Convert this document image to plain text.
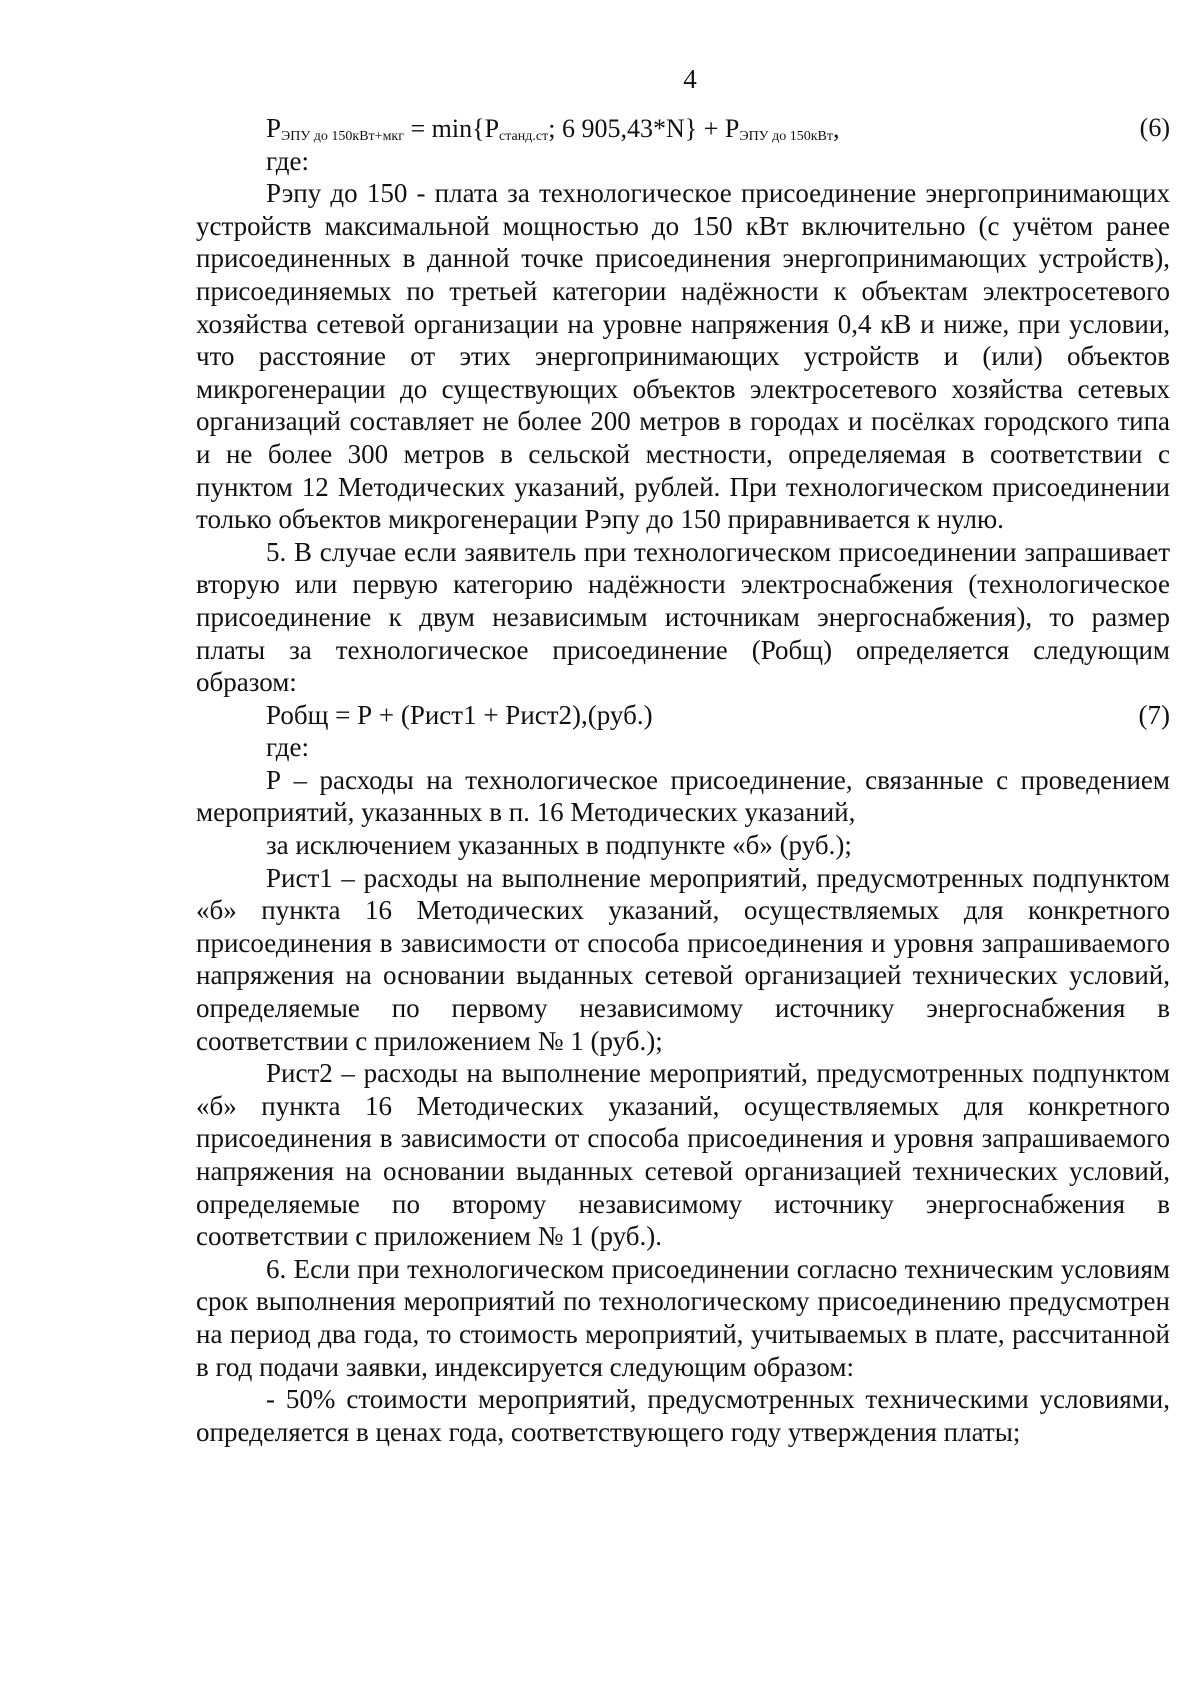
4
$Р_{ЭПУ до 150кВт+мкг} = \min\{Р_{станд.ст}$; 6 $905,43*N\} + Р_{ЭПУ до 150кВт}$,	(6)

где:

Рэпу до 150 - плата за технологическое присоединение энергопринимающих устройств максимальной мощностью до 150 кВт включительно (с учётом ранее присоединенных в данной точке присоединения энергопринимающих устройств), присоединяемых по третьей категории надёжности к объектам электросетевого хозяйства сетевой организации на уровне напряжения 0,4 кВ и ниже, при условии, что расстояние от этих энергопринимающих устройств и (или) объектов микрогенерации до существующих объектов электросетевого хозяйства сетевых организаций составляет не более 200 метров в городах и посёлках городского типа и не более 300 метров в сельской местности, определяемая в соответствии с пунктом 12 Методических указаний, рублей. При технологическом присоединении только объектов микрогенерации Рэпу до 150 приравнивается к нулю.

5. В случае если заявитель при технологическом присоединении запрашивает вторую или первую категорию надёжности электроснабжения (технологическое присоединение к двум независимым источникам энергоснабжения), то размер платы за технологическое присоединение (Робщ) определяется следующим образом:

Робщ = Р + (Рист1 + Рист2),(руб.)	(7)

где:

Р – расходы на технологическое присоединение, связанные с проведением мероприятий, указанных в п. 16 Методических указаний,

за исключением указанных в подпункте «б» (руб.);

Рист1 – расходы на выполнение мероприятий, предусмотренных подпунктом «б» пункта 16 Методических указаний, осуществляемых для конкретного присоединения в зависимости от способа присоединения и уровня запрашиваемого напряжения на основании выданных сетевой организацией технических условий, определяемые по первому независимому источнику энергоснабжения в соответствии с приложением № 1 (руб.);

Рист2 – расходы на выполнение мероприятий, предусмотренных подпунктом «б» пункта 16 Методических указаний, осуществляемых для конкретного присоединения в зависимости от способа присоединения и уровня запрашиваемого напряжения на основании выданных сетевой организацией технических условий, определяемые по второму независимому источнику энергоснабжения в соответствии с приложением № 1 (руб.).

6. Если при технологическом присоединении согласно техническим условиям срок выполнения мероприятий по технологическому присоединению предусмотрен на период два года, то стоимость мероприятий, учитываемых в плате, рассчитанной в год подачи заявки, индексируется следующим образом:

- 50% стоимости мероприятий, предусмотренных техническими условиями, определяется в ценах года, соответствующего году утверждения платы;
